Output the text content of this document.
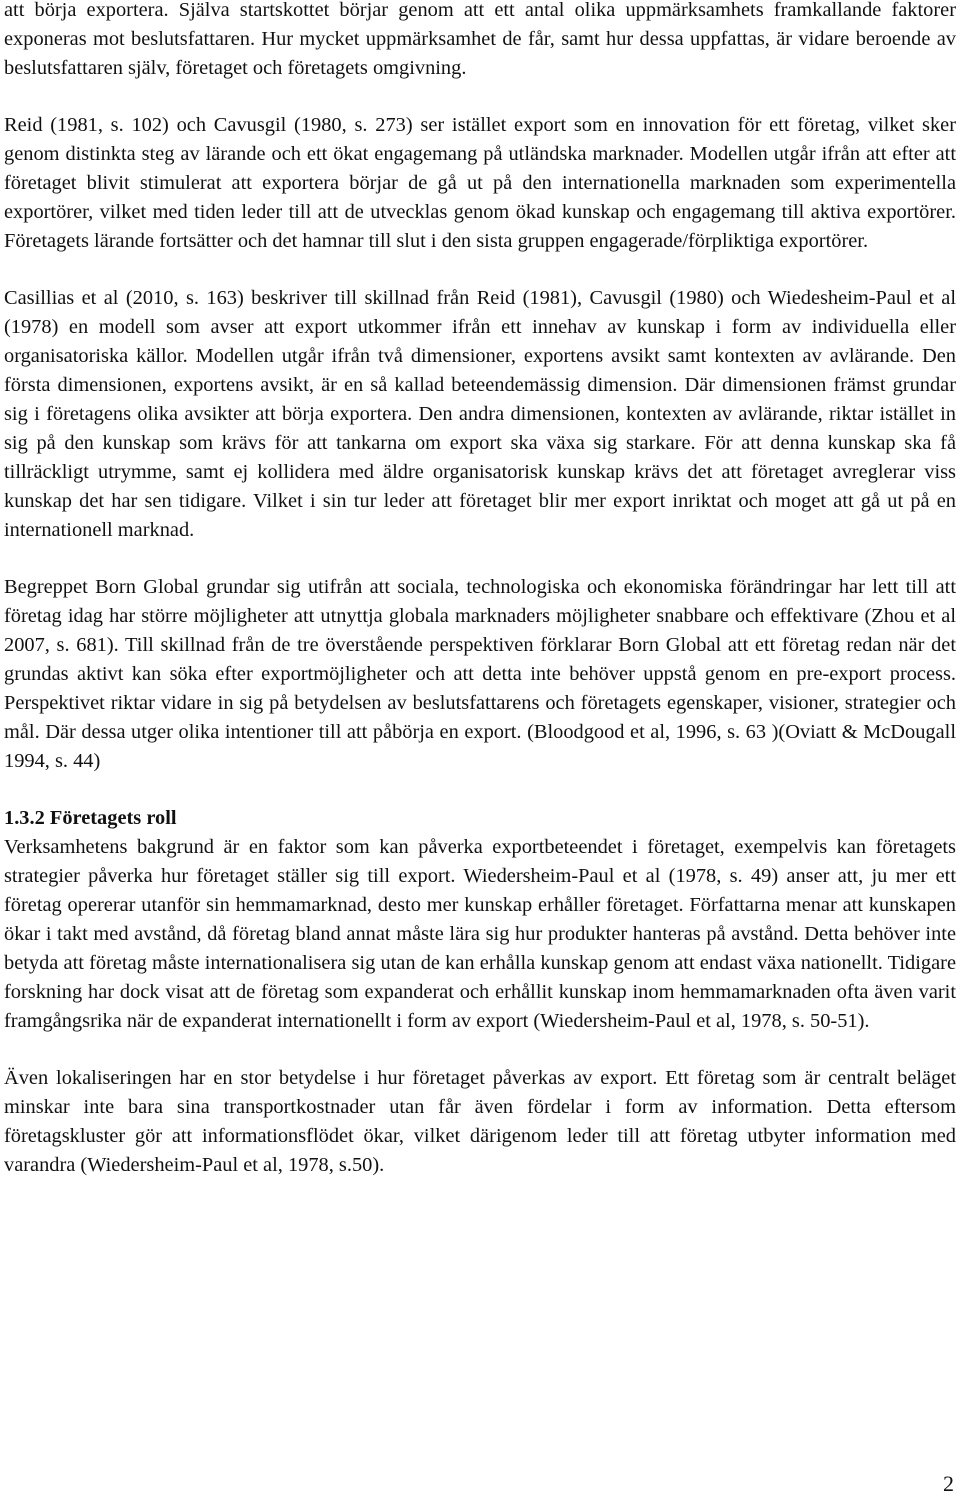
att börja exportera. Själva startskottet börjar genom att ett antal olika uppmärksamhets framkallande faktorer exponeras mot beslutsfattaren. Hur mycket uppmärksamhet de får, samt hur dessa uppfattas, är vidare beroende av beslutsfattaren själv, företaget och företagets omgivning.

Reid (1981, s. 102) och Cavusgil (1980, s. 273) ser istället export som en innovation för ett företag, vilket sker genom distinkta steg av lärande och ett ökat engagemang på utländska marknader. Modellen utgår ifrån att efter att företaget blivit stimulerat att exportera börjar de gå ut på den internationella marknaden som experimentella exportörer, vilket med tiden leder till att de utvecklas genom ökad kunskap och engagemang till aktiva exportörer. Företagets lärande fortsätter och det hamnar till slut i den sista gruppen engagerade/förpliktiga exportörer.

Casillias et al (2010, s. 163) beskriver till skillnad från Reid (1981), Cavusgil (1980) och Wiedesheim-Paul et al (1978) en modell som avser att export utkommer ifrån ett innehav av kunskap i form av individuella eller organisatoriska källor. Modellen utgår ifrån två dimensioner, exportens avsikt samt kontexten av avlärande. Den första dimensionen, exportens avsikt, är en så kallad beteendemässig dimension. Där dimensionen främst grundar sig i företagens olika avsikter att börja exportera. Den andra dimensionen, kontexten av avlärande, riktar istället in sig på den kunskap som krävs för att tankarna om export ska växa sig starkare. För att denna kunskap ska få tillräckligt utrymme, samt ej kollidera med äldre organisatorisk kunskap krävs det att företaget avreglerar viss kunskap det har sen tidigare. Vilket i sin tur leder att företaget blir mer export inriktat och moget att gå ut på en internationell marknad.

Begreppet Born Global grundar sig utifrån att sociala, technologiska och ekonomiska förändringar har lett till att företag idag har större möjligheter att utnyttja globala marknaders möjligheter snabbare och effektivare (Zhou et al 2007, s. 681). Till skillnad från de tre överstående perspektiven förklarar Born Global att ett företag redan när det grundas aktivt kan söka efter exportmöjligheter och att detta inte behöver uppstå genom en pre-export process. Perspektivet riktar vidare in sig på betydelsen av beslutsfattarens och företagets egenskaper, visioner, strategier och mål. Där dessa utger olika intentioner till att påbörja en export. (Bloodgood et al, 1996, s. 63 )(Oviatt & McDougall 1994, s. 44)

1.3.2 Företagets roll

Verksamhetens bakgrund är en faktor som kan påverka exportbeteendet i företaget, exempelvis kan företagets strategier påverka hur företaget ställer sig till export. Wiedersheim-Paul et al (1978, s. 49) anser att, ju mer ett företag opererar utanför sin hemmamarknad, desto mer kunskap erhåller företaget. Författarna menar att kunskapen ökar i takt med avstånd, då företag bland annat måste lära sig hur produkter hanteras på avstånd. Detta behöver inte betyda att företag måste internationalisera sig utan de kan erhålla kunskap genom att endast växa nationellt. Tidigare forskning har dock visat att de företag som expanderat och erhållit kunskap inom hemmamarknaden ofta även varit framgångsrika när de expanderat internationellt i form av export (Wiedersheim-Paul et al, 1978, s. 50-51).

Även lokaliseringen har en stor betydelse i hur företaget påverkas av export. Ett företag som är centralt beläget minskar inte bara sina transportkostnader utan får även fördelar i form av information. Detta eftersom företagskluster gör att informationsflödet ökar, vilket därigenom leder till att företag utbyter information med varandra (Wiedersheim-Paul et al, 1978, s.50).

2
